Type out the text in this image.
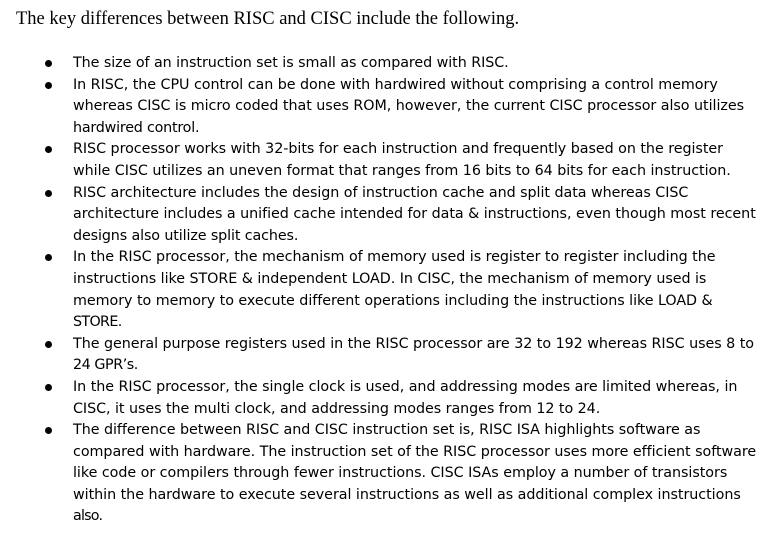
The key differences between RISC and CISC include the following.
The size of an instruction set is small as compared with RISC.
In RISC, the CPU control can be done with hardwired without comprising a control memory
whereas CISC is micro coded that uses ROM, however, the current CISC processor also utilizes
hardwired control.
RISC processor works with 32-bits for each instruction and frequently based on the register
while CISC utilizes an uneven format that ranges from 16 bits to 64 bits for each instruction.
RISC architecture includes the design of instruction cache and split data whereas CISC
architecture includes a unified cache intended for data & instructions, even though most recent
designs also utilize split caches.
In the RISC processor, the mechanism of memory used is register to register including the
instructions like STORE & independent LOAD. In CISC, the mechanism of memory used is
memory to memory to execute different operations including the instructions like LOAD &
STORE.
The general purpose registers used in the RISC processor are 32 to 192 whereas RISC uses 8 to
24 GPR’s.
In the RISC processor, the single clock is used, and addressing modes are limited whereas, in
CISC, it uses the multi clock, and addressing modes ranges from 12 to 24.
The difference between RISC and CISC instruction set is, RISC ISA highlights software as
compared with hardware. The instruction set of the RISC processor uses more efficient software
like code or compilers through fewer instructions. CISC ISAs employ a number of transistors
within the hardware to execute several instructions as well as additional complex instructions
also.
